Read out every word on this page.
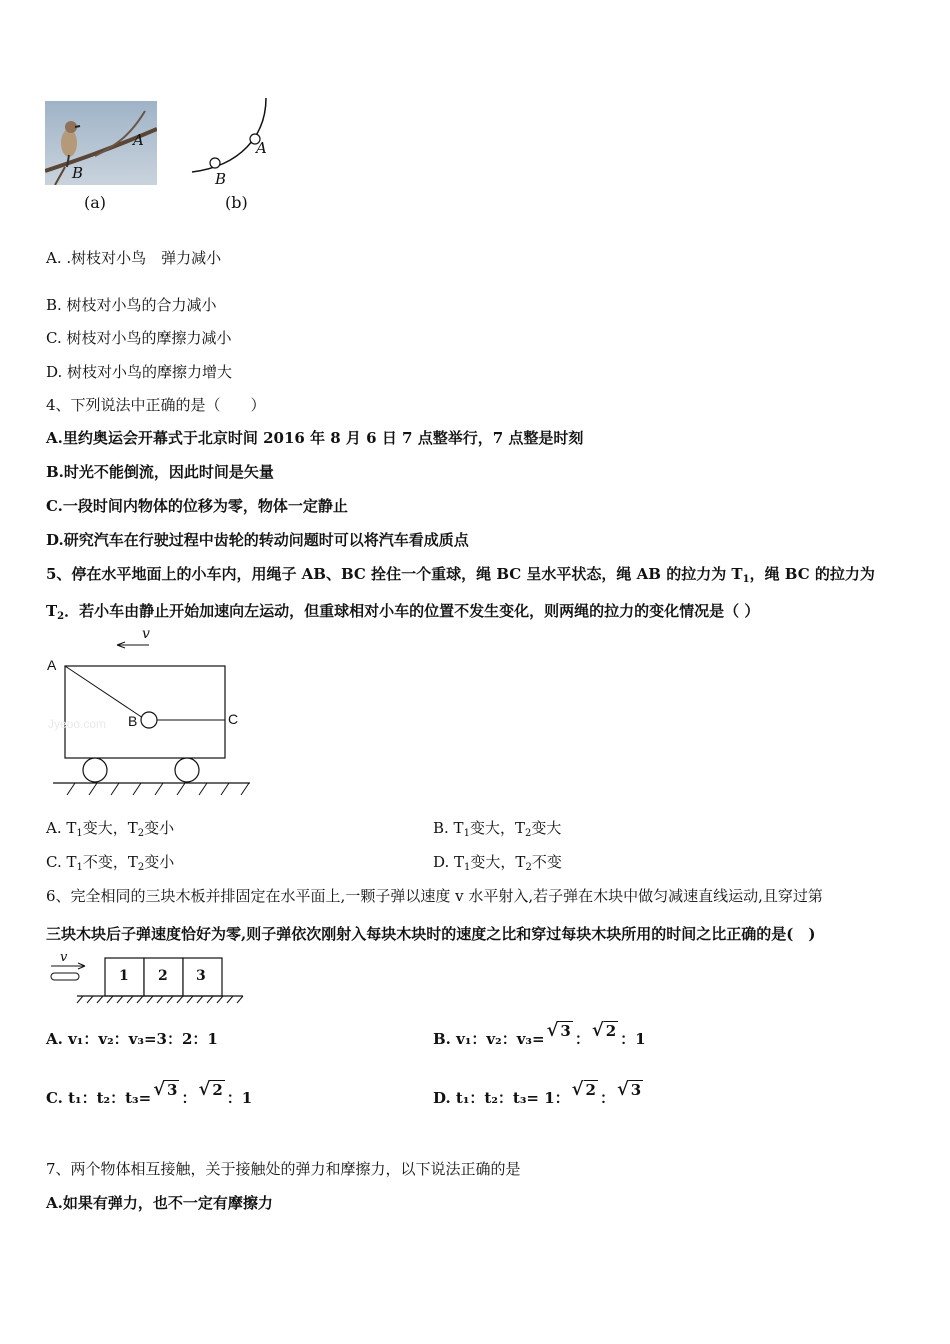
A
B
(a)
A
B
(b)
A. .树枝对小鸟　弹力减小
B. 树枝对小鸟的合力减小
C. 树枝对小鸟的摩擦力减小
D. 树枝对小鸟的摩擦力增大
4、下列说法中正确的是（　　）
A.里约奥运会开幕式于北京时间 2016 年 8 月 6 日 7 点整举行，7 点整是时刻
B.时光不能倒流，因此时间是矢量
C.一段时间内物体的位移为零，物体一定静止
D.研究汽车在行驶过程中齿轮的转动问题时可以将汽车看成质点
5、停在水平地面上的小车内，用绳子 AB、BC 拴住一个重球，绳 BC 呈水平状态，绳 AB 的拉力为 $T_1$，绳 BC 的拉力为
$T_2$．若小车由静止开始加速向左运动，但重球相对小车的位置不发生变化，则两绳的拉力的变化情况是（ ）
v
A
B	C
Jyeoo.com
A. $T_1$变大，$T_2$变小	B. $T_1$变大，$T_2$变大
C. $T_1$不变，$T_2$变小	D. $T_1$变大，$T_2$不变
6、完全相同的三块木板并排固定在水平面上,一颗子弹以速度 v 水平射入,若子弹在木块中做匀减速直线运动,且穿过第
三块木块后子弹速度恰好为零,则子弹依次刚射入每块木块时的速度之比和穿过每块木块所用的时间之比正确的是(　)
v
1 2 3
A. v₁：v₂：v₃=3：2：1	B. v₁：v₂：v₃= √ 3 ： √ 2 ：1
C. t₁：t₂：t₃= √ 3 ： √ 2 ：1	D. t₁：t₂：t₃= 1： √ 2 ： √ 3
7、两个物体相互接触，关于接触处的弹力和摩擦力，以下说法正确的是
A.如果有弹力，也不一定有摩擦力
